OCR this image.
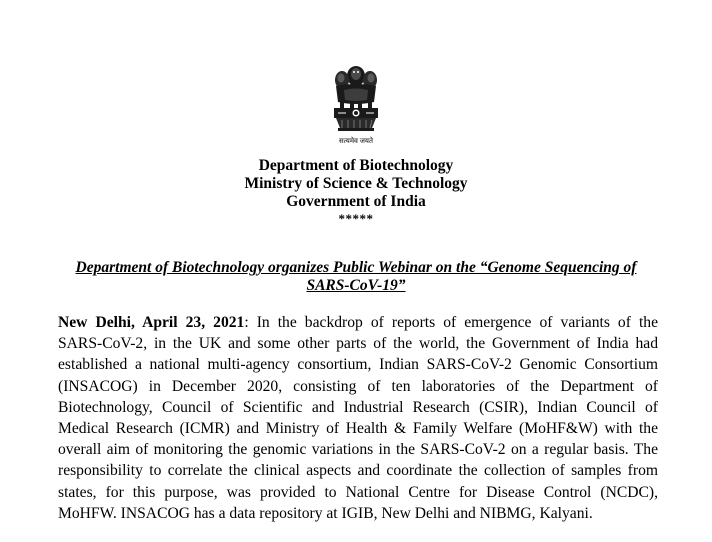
सत्यमेव जयते
Department of Biotechnology
Ministry of Science & Technology
Government of India
*****
Department of Biotechnology organizes Public Webinar on the “Genome Sequencing of
SARS-CoV-19”
New Delhi, April 23, 2021: In the backdrop of reports of emergence of variants of the
SARS-CoV-2, in the UK and some other parts of the world, the Government of India had
established a national multi-agency consortium, Indian SARS-CoV-2 Genomic Consortium
(INSACOG) in December 2020, consisting of ten laboratories of the Department of
Biotechnology, Council of Scientific and Industrial Research (CSIR), Indian Council of
Medical Research (ICMR) and Ministry of Health & Family Welfare (MoHF&W) with the
overall aim of monitoring the genomic variations in the SARS-CoV-2 on a regular basis. The
responsibility to correlate the clinical aspects and coordinate the collection of samples from
states, for this purpose, was provided to National Centre for Disease Control (NCDC),
MoHFW. INSACOG has a data repository at IGIB, New Delhi and NIBMG, Kalyani.
